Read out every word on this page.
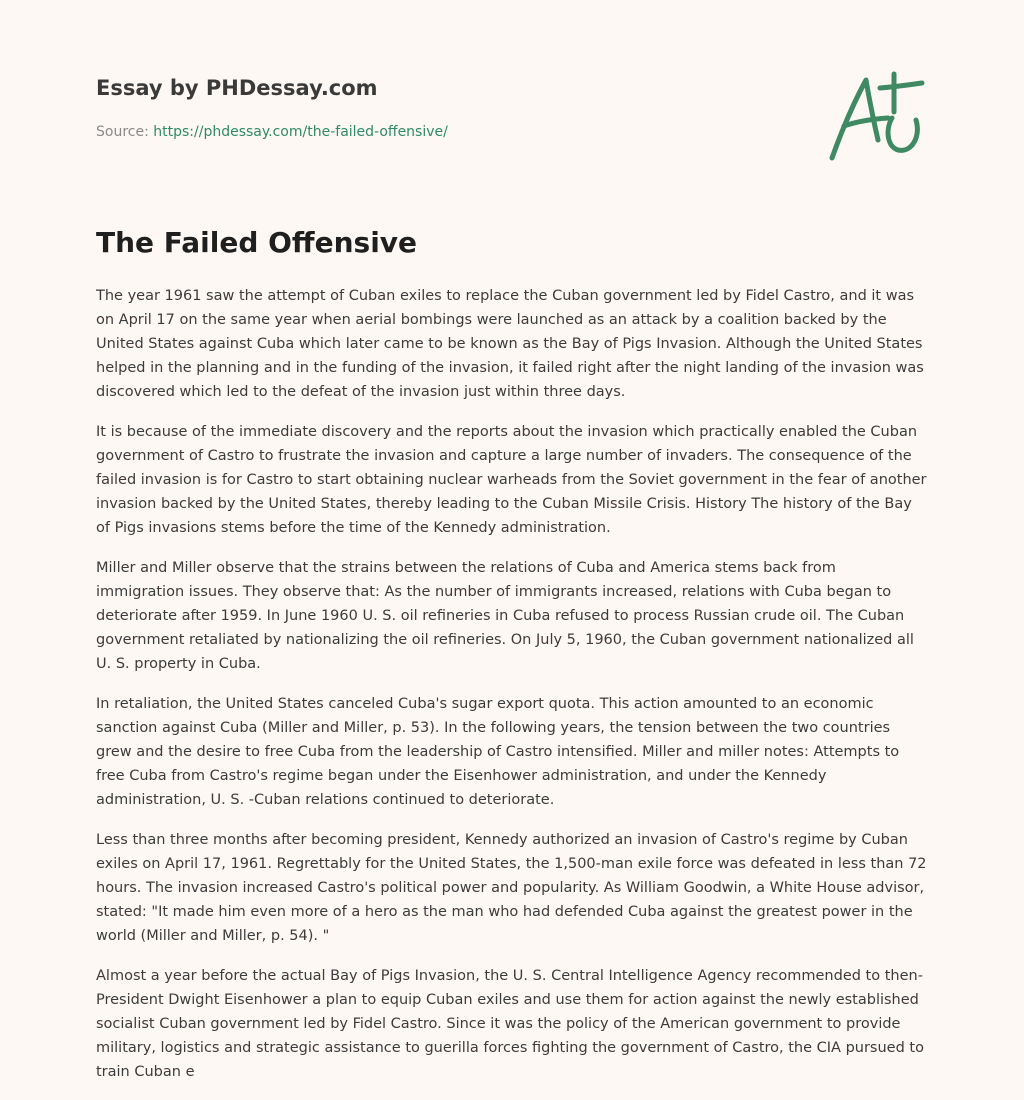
Essay by PHDessay.com
Source: https://phdessay.com/the-failed-offensive/
The Failed Offensive

The year 1961 saw the attempt of Cuban exiles to replace the Cuban government led by Fidel Castro, and it was on April 17 on the same year when aerial bombings were launched as an attack by a coalition backed by the United States against Cuba which later came to be known as the Bay of Pigs Invasion. Although the United States helped in the planning and in the funding of the invasion, it failed right after the night landing of the invasion was discovered which led to the defeat of the invasion just within three days.

It is because of the immediate discovery and the reports about the invasion which practically enabled the Cuban government of Castro to frustrate the invasion and capture a large number of invaders. The consequence of the failed invasion is for Castro to start obtaining nuclear warheads from the Soviet government in the fear of another invasion backed by the United States, thereby leading to the Cuban Missile Crisis. History The history of the Bay of Pigs invasions stems before the time of the Kennedy administration.

Miller and Miller observe that the strains between the relations of Cuba and America stems back from immigration issues. They observe that: As the number of immigrants increased, relations with Cuba began to deteriorate after 1959. In June 1960 U. S. oil refineries in Cuba refused to process Russian crude oil. The Cuban government retaliated by nationalizing the oil refineries. On July 5, 1960, the Cuban government nationalized all U. S. property in Cuba.

In retaliation, the United States canceled Cuba's sugar export quota. This action amounted to an economic sanction against Cuba (Miller and Miller, p. 53). In the following years, the tension between the two countries grew and the desire to free Cuba from the leadership of Castro intensified. Miller and miller notes: Attempts to free Cuba from Castro's regime began under the Eisenhower administration, and under the Kennedy administration, U. S. -Cuban relations continued to deteriorate.

Less than three months after becoming president, Kennedy authorized an invasion of Castro's regime by Cuban exiles on April 17, 1961. Regrettably for the United States, the 1,500-man exile force was defeated in less than 72 hours. The invasion increased Castro's political power and popularity. As William Goodwin, a White House advisor, stated: "It made him even more of a hero as the man who had defended Cuba against the greatest power in the world (Miller and Miller, p. 54). "

Almost a year before the actual Bay of Pigs Invasion, the U. S. Central Intelligence Agency recommended to then-President Dwight Eisenhower a plan to equip Cuban exiles and use them for action against the newly established socialist Cuban government led by Fidel Castro. Since it was the policy of the American government to provide military, logistics and strategic assistance to guerilla forces fighting the government of Castro, the CIA pursued to train Cuban e
